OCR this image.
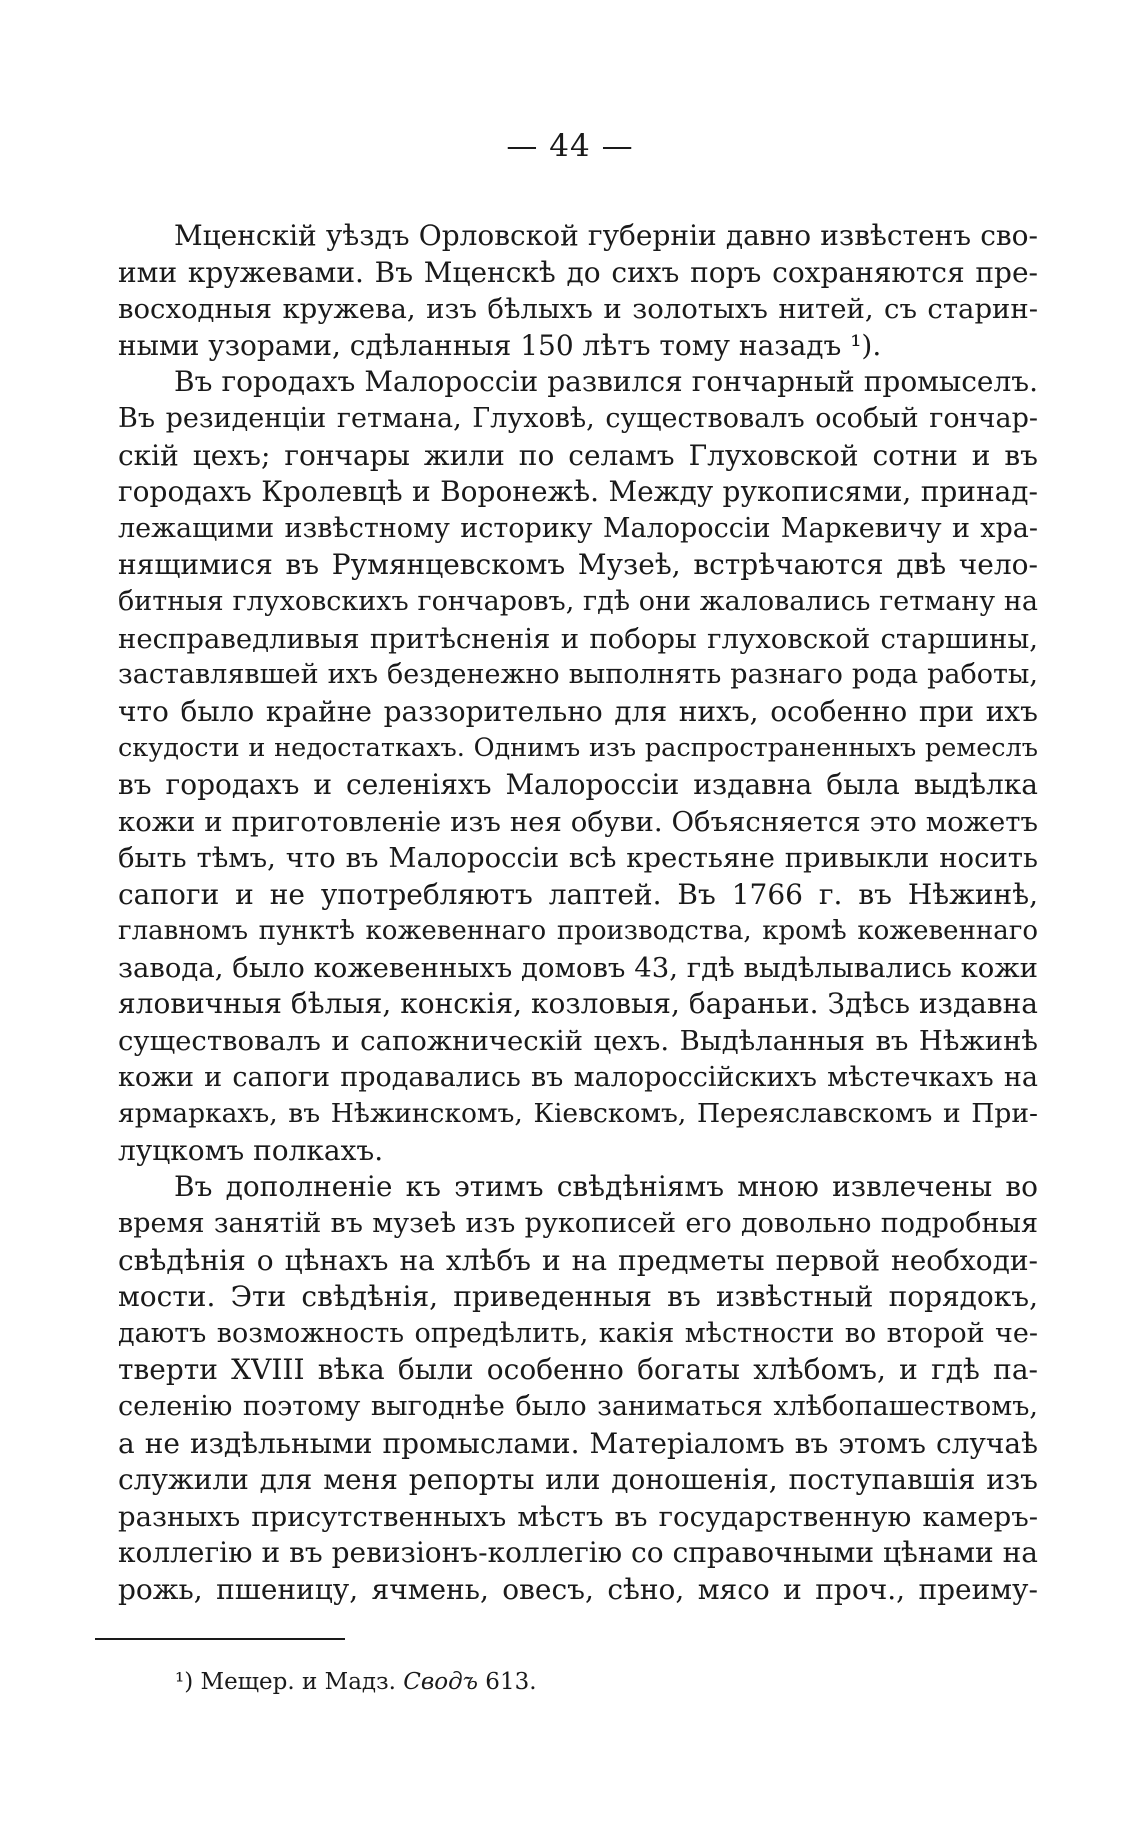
— 44 —
Мценскій уѣздъ Орловской губерніи давно извѣстенъ сво-
ими кружевами. Въ Мценскѣ до сихъ поръ сохраняются пре-
восходныя кружева, изъ бѣлыхъ и золотыхъ нитей, съ старин-
ными узорами, сдѣланныя 150 лѣтъ тому назадъ ¹).
Въ городахъ Малороссіи развился гончарный промыселъ.
Въ резиденціи гетмана, Глуховѣ, существовалъ особый гончар-
скій цехъ; гончары жили по селамъ Глуховской сотни и въ
городахъ Кролевцѣ и Воронежѣ. Между рукописями, принад-
лежащими извѣстному историку Малороссіи Маркевичу и хра-
нящимися въ Румянцевскомъ Музеѣ, встрѣчаются двѣ чело-
битныя глуховскихъ гончаровъ, гдѣ они жаловались гетману на
несправедливыя притѣсненія и поборы глуховской старшины,
заставлявшей ихъ безденежно выполнять разнаго рода работы,
что было крайне раззорительно для нихъ, особенно при ихъ
скудости и недостаткахъ. Однимъ изъ распространенныхъ ремеслъ
въ городахъ и селеніяхъ Малороссіи издавна была выдѣлка
кожи и приготовленіе изъ нея обуви. Объясняется это можетъ
быть тѣмъ, что въ Малороссіи всѣ крестьяне привыкли носить
сапоги и не употребляютъ лаптей. Въ 1766 г. въ Нѣжинѣ,
главномъ пунктѣ кожевеннаго производства, кромѣ кожевеннаго
завода, было кожевенныхъ домовъ 43, гдѣ выдѣлывались кожи
яловичныя бѣлыя, конскія, козловыя, бараньи. Здѣсь издавна
существовалъ и сапожническій цехъ. Выдѣланныя въ Нѣжинѣ
кожи и сапоги продавались въ малороссійскихъ мѣстечкахъ на
ярмаркахъ, въ Нѣжинскомъ, Кіевскомъ, Переяславскомъ и При-
луцкомъ полкахъ.
Въ дополненіе къ этимъ свѣдѣніямъ мною извлечены во
время занятій въ музеѣ изъ рукописей его довольно подробныя
свѣдѣнія о цѣнахъ на хлѣбъ и на предметы первой необходи-
мости. Эти свѣдѣнія, приведенныя въ извѣстный порядокъ,
даютъ возможность опредѣлить, какія мѣстности во второй че-
тверти XVIII вѣка были особенно богаты хлѣбомъ, и гдѣ па-
селенію поэтому выгоднѣе было заниматься хлѣбопашествомъ,
а не издѣльными промыслами. Матеріаломъ въ этомъ случаѣ
служили для меня репорты или доношенія, поступавшія изъ
разныхъ присутственныхъ мѣстъ въ государственную камеръ-
коллегію и въ ревизіонъ-коллегію со справочными цѣнами на
рожь, пшеницу, ячмень, овесъ, сѣно, мясо и проч., преиму-
¹) Мещер. и Мадз. Сводъ 613.
